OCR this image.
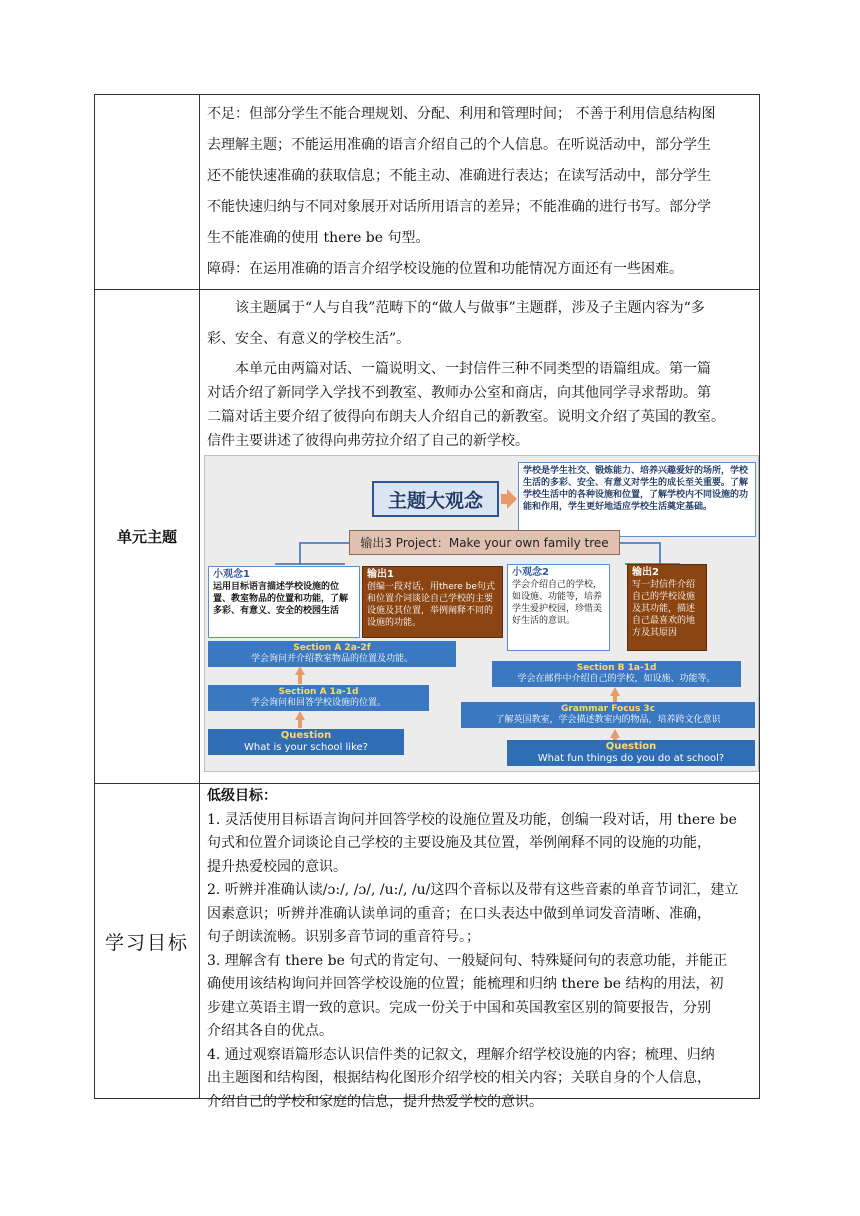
不足：但部分学生不能合理规划、分配、利用和管理时间； 不善于利用信息结构图

去理解主题；不能运用准确的语言介绍自己的个人信息。在听说活动中，部分学生

还不能快速准确的获取信息；不能主动、准确进行表达；在读写活动中，部分学生

不能快速归纳与不同对象展开对话所用语言的差异；不能准确的进行书写。部分学

生不能准确的使用 there be 句型。

障碍：在运用准确的语言介绍学校设施的位置和功能情况方面还有一些困难。

单元主题

该主题属于“人与自我”范畴下的“做人与做事”主题群，涉及子主题内容为“多

彩、安全、有意义的学校生活”。

本单元由两篇对话、一篇说明文、一封信件三种不同类型的语篇组成。第一篇

对话介绍了新同学入学找不到教室、教师办公室和商店，向其他同学寻求帮助。第

二篇对话主要介绍了彼得向布朗夫人介绍自己的新教室。说明文介绍了英国的教室。

信件主要讲述了彼得向弗劳拉介绍了自己的新学校。

学习目标

低级目标：

1. 灵活使用目标语言询问并回答学校的设施位置及功能，创编一段对话，用 there be

句式和位置介词谈论自己学校的主要设施及其位置，举例阐释不同的设施的功能，

提升热爱校园的意识。

2. 听辨并准确认读/ɔ:/, /ɔ/, /u:/, /u/这四个音标以及带有这些音素的单音节词汇，建立

因素意识；听辨并准确认读单词的重音；在口头表达中做到单词发音清晰、准确，

句子朗读流畅。识别多音节词的重音符号。；

3. 理解含有 there be 句式的肯定句、一般疑问句、特殊疑问句的表意功能，并能正

确使用该结构询问并回答学校设施的位置；能梳理和归纳 there be 结构的用法，初

步建立英语主谓一致的意识。完成一份关于中国和英国教室区别的简要报告，分别

介绍其各自的优点。

4. 通过观察语篇形态认识信件类的记叙文，理解介绍学校设施的内容；梳理、归纳

出主题图和结构图，根据结构化图形介绍学校的相关内容；关联自身的个人信息，

介绍自己的学校和家庭的信息，提升热爱学校的意识。

主题大观念
学校是学生社交、锻炼能力、培养兴趣爱好的场所，学校生活的多彩、安全、有意义对学生的成长至关重要。了解学校生活中的各种设施和位置，了解学校内不同设施的功能和作用，学生更好地适应学校生活奠定基础。
输出3 Project：Make your own family tree
小观念1
运用目标语言描述学校设施的位置、教室物品的位置和功能，了解多彩、有意义、安全的校园生活
输出1
创编一段对话，用there be句式和位置介词谈论自己学校的主要设施及其位置，举例阐释不同的设施的功能。
小观念2
学会介绍自己的学校，如设施、功能等，培养学生爱护校园，珍惜美好生活的意识。
输出2
写一封信件介绍自己的学校设施及其功能，描述自己最喜欢的地方及其原因
Section A 2a-2f
学会询问并介绍教室物品的位置及功能。
Section A 1a-1d
学会询问和回答学校设施的位置。
Question
What is your school like?
Section B 1a-1d
学会在邮件中介绍自己的学校，如设施、功能等。
Grammar Focus 3c
了解英国教室，学会描述教室内的物品，培养跨文化意识
Question
What fun things do you do at school?
